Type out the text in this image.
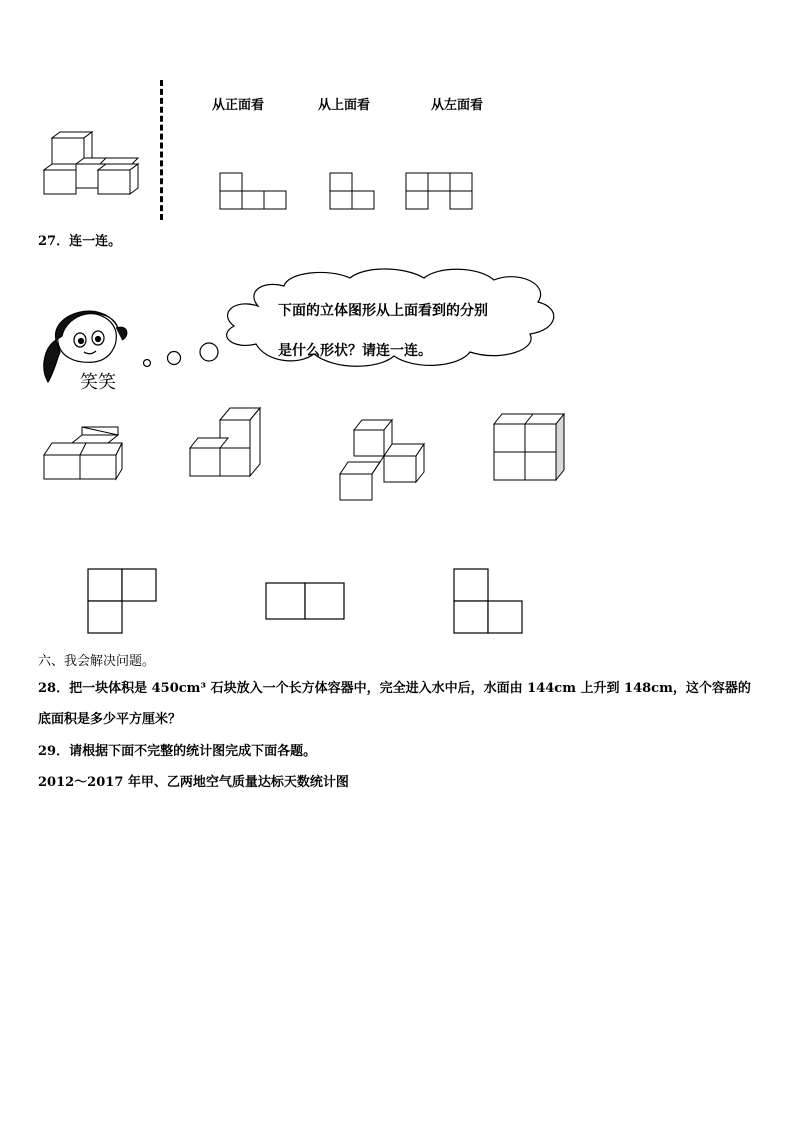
从正面看	从上面看	从左面看
27．连一连。
笑笑
下面的立体图形从上面看到的分别
是什么形状？请连一连。
六、我会解决问题。
28．把一块体积是 450cm³ 石块放入一个长方体容器中，完全进入水中后，水面由 144cm 上升到 148cm，这个容器的
底面积是多少平方厘米？
29．请根据下面不完整的统计图完成下面各题。
2012～2017 年甲、乙两地空气质量达标天数统计图
